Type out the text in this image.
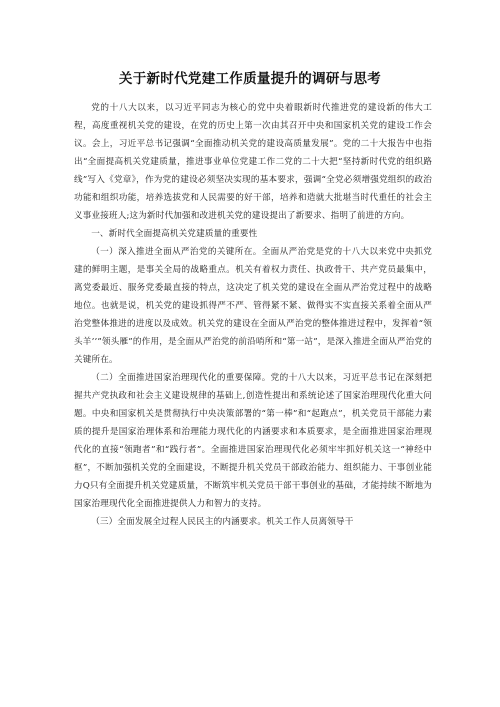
关于新时代党建工作质量提升的调研与思考

党的十八大以来，以习近平同志为核心的党中央着眼新时代推进党的建设新的伟大工程，高度重视机关党的建设，在党的历史上第一次由其召开中央和国家机关党的建设工作会议。会上，习近平总书记强调“全面推动机关党的建设高质量发展”。党的二十大报告中也指出“全面提高机关党建质量，推进事业单位党建工作二党的二十大把“坚持新时代党的组织路线”写入《党章》，作为党的建设必须坚决实现的基本要求，强调“全党必须增强党组织的政治功能和组织功能，培养选拔党和人民需要的好干部，培养和造就大批堪当时代重任的社会主义事业接班人;这为新时代加强和改进机关党的建设提出了新要求、指明了前进的方向。

一、新时代全面提高机关党建质量的重要性

（一）深入推进全面从严治党的关键所在。全面从严治党是党的十八大以来党中央抓党建的鲜明主题，是事关全局的战略重点。机关有着权力责任、执政骨干、共产党员最集中，离党委最近、服务党委最直接的特点，这决定了机关党的建设在全面从严治党过程中的战略地位。也就是说，机关党的建设抓得严不严、管得紧不紧、做得实不实直接关系着全面从严治党整体推进的进度以及成效。机关党的建设在全面从严治党的整体推进过程中，发挥着“领头羊’’”领头雁”的作用，是全面从严治党的前沿哨所和“第一站”，是深入推进全面从严治党的关键所在。

（二）全面推进国家治理现代化的重要保障。党的十八大以来，习近平总书记在深刻把握共产党执政和社会主义建设规律的基础上,创造性提出和系统论述了国家治理现代化重大问题。中央和国家机关是贯彻执行中央决策部署的“第一棒”和“起跑点”，机关党员干部能力素质的提升是国家治理体系和治理能力现代化的内涵要求和本质要求，是全面推进国家治理现代化的直接“领跑者”和“践行者”。全面推进国家治理现代化必须牢牢抓好机关这一“神经中枢”，不断加强机关党的全面建设，不断提升机关党员干部政治能力、组织能力、干事创业能力Q只有全面提升机关党建质量，不断筑牢机关党员干部干事创业的基础，才能持续不断地为国家治理现代化全面推进提供人力和智力的支持。

（三）全面发展全过程人民民主的内涵要求。机关工作人员离领导干
